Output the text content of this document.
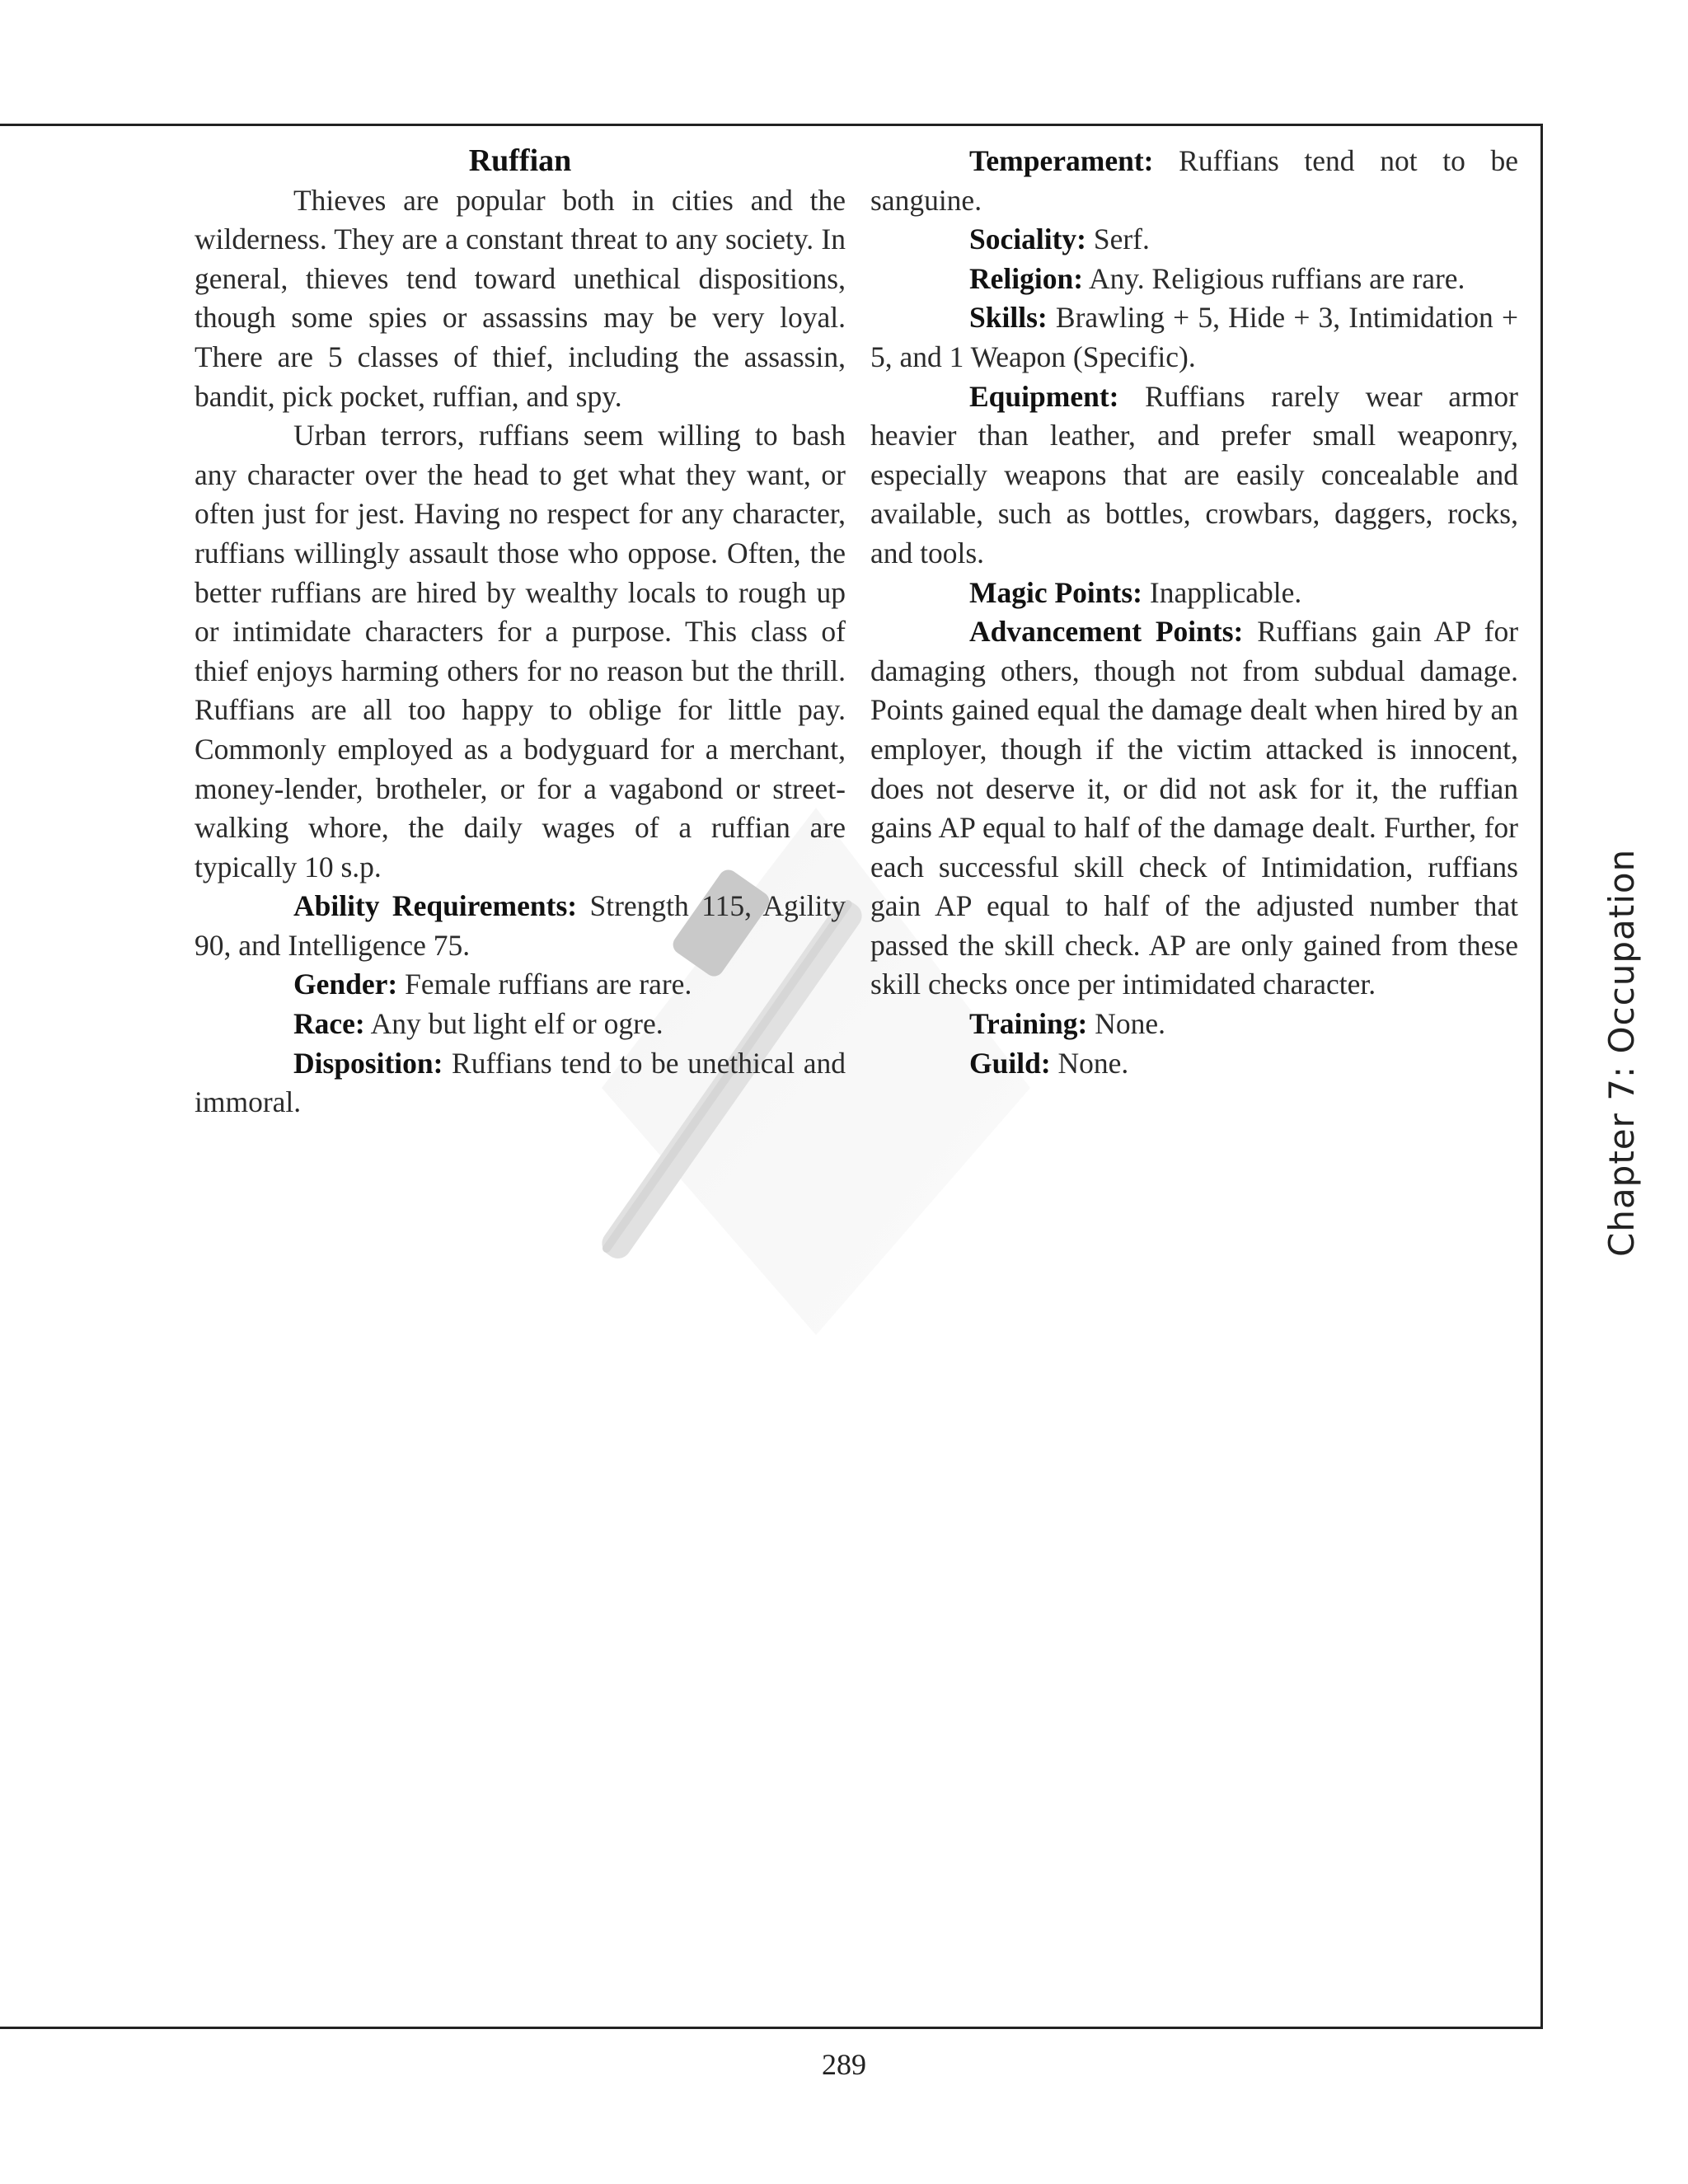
Ruffian

Thieves are popular both in cities and the wilderness. They are a constant threat to any society. In general, thieves tend toward unethical dispositions, though some spies or assassins may be very loyal. There are 5 classes of thief, including the assassin, bandit, pick pocket, ruffian, and spy.

Urban terrors, ruffians seem willing to bash any character over the head to get what they want, or often just for jest. Having no respect for any character, ruffians willingly assault those who oppose. Often, the better ruffians are hired by wealthy locals to rough up or intimidate characters for a purpose. This class of thief enjoys harming others for no reason but the thrill. Ruffians are all too happy to oblige for little pay. Commonly employed as a bodyguard for a merchant, money-lender, brotheler, or for a vagabond or street-walking whore, the daily wages of a ruffian are typically 10 s.p.

Ability Requirements: Strength 115, Agility 90, and Intelligence 75.

Gender: Female ruffians are rare.

Race: Any but light elf or ogre.

Disposition: Ruffians tend to be unethical and immoral.

Temperament: Ruffians tend not to be sanguine.

Sociality: Serf.

Religion: Any. Religious ruffians are rare.

Skills: Brawling + 5, Hide + 3, Intimidation + 5, and 1 Weapon (Specific).

Equipment: Ruffians rarely wear armor heavier than leather, and prefer small weaponry, especially weapons that are easily concealable and available, such as bottles, crowbars, daggers, rocks, and tools.

Magic Points: Inapplicable.

Advancement Points: Ruffians gain AP for damaging others, though not from subdual damage. Points gained equal the damage dealt when hired by an employer, though if the victim attacked is innocent, does not deserve it, or did not ask for it, the ruffian gains AP equal to half of the damage dealt. Further, for each successful skill check of Intimidation, ruffians gain AP equal to half of the adjusted number that passed the skill check. AP are only gained from these skill checks once per intimidated character.

Training: None.

Guild: None.	Chapter 7: Occupation
289
